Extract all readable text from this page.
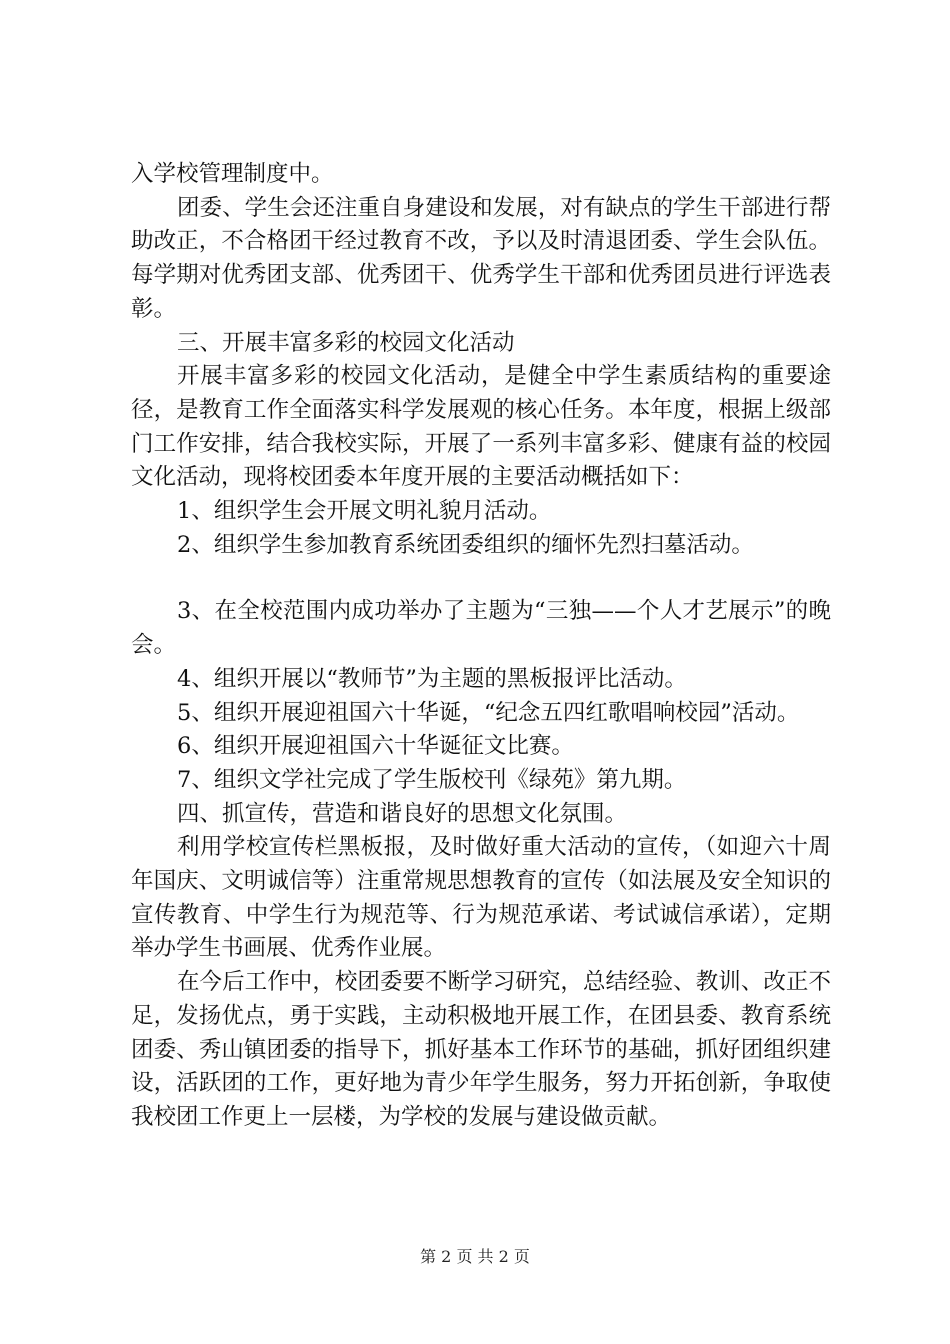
入学校管理制度中。

团委、学生会还注重自身建设和发展，对有缺点的学生干部进行帮助改正，不合格团干经过教育不改，予以及时清退团委、学生会队伍。每学期对优秀团支部、优秀团干、优秀学生干部和优秀团员进行评选表彰。

三、开展丰富多彩的校园文化活动

开展丰富多彩的校园文化活动，是健全中学生素质结构的重要途径，是教育工作全面落实科学发展观的核心任务。本年度，根据上级部门工作安排，结合我校实际，开展了一系列丰富多彩、健康有益的校园文化活动，现将校团委本年度开展的主要活动概括如下：

1、组织学生会开展文明礼貌月活动。

2、组织学生参加教育系统团委组织的缅怀先烈扫墓活动。

3、在全校范围内成功举办了主题为“三独——个人才艺展示”的晚会。

4、组织开展以“教师节”为主题的黑板报评比活动。

5、组织开展迎祖国六十华诞，“纪念五四红歌唱响校园”活动。

6、组织开展迎祖国六十华诞征文比赛。

7、组织文学社完成了学生版校刊《绿苑》第九期。

四、抓宣传，营造和谐良好的思想文化氛围。

利用学校宣传栏黑板报，及时做好重大活动的宣传，（如迎六十周年国庆、文明诚信等）注重常规思想教育的宣传（如法展及安全知识的宣传教育、中学生行为规范等、行为规范承诺、考试诚信承诺），定期举办学生书画展、优秀作业展。

在今后工作中，校团委要不断学习研究，总结经验、教训、改正不足，发扬优点，勇于实践，主动积极地开展工作，在团县委、教育系统团委、秀山镇团委的指导下，抓好基本工作环节的基础，抓好团组织建设，活跃团的工作，更好地为青少年学生服务，努力开拓创新，争取使我校团工作更上一层楼，为学校的发展与建设做贡献。

第 2 页 共 2 页
